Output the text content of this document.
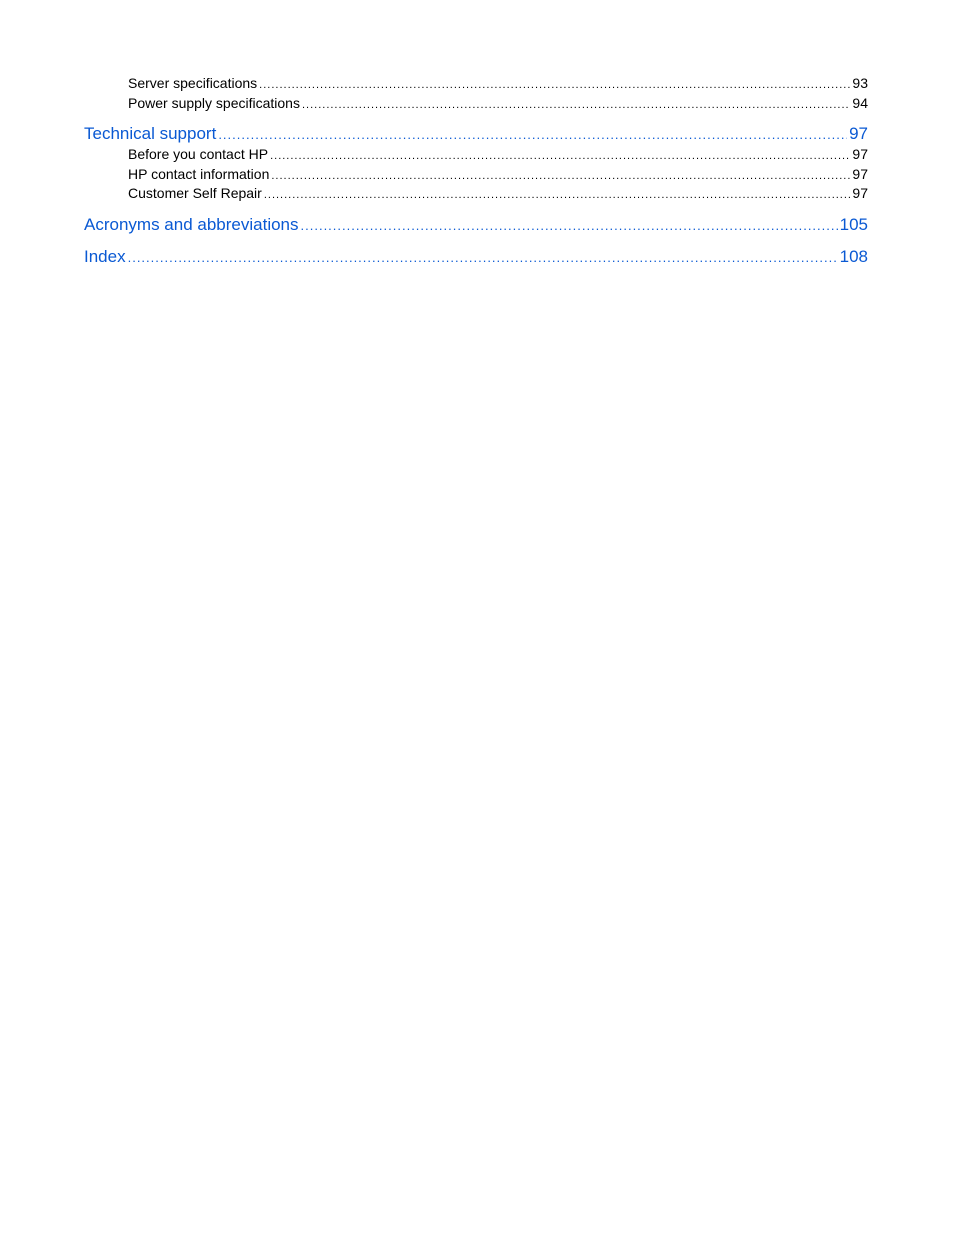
Server specifications .....	93
Power supply specifications .....	94
Technical support .....	97
Before you contact HP .....	97
HP contact information .....	97
Customer Self Repair .....	97
Acronyms and abbreviations .....	105
Index .....	108
